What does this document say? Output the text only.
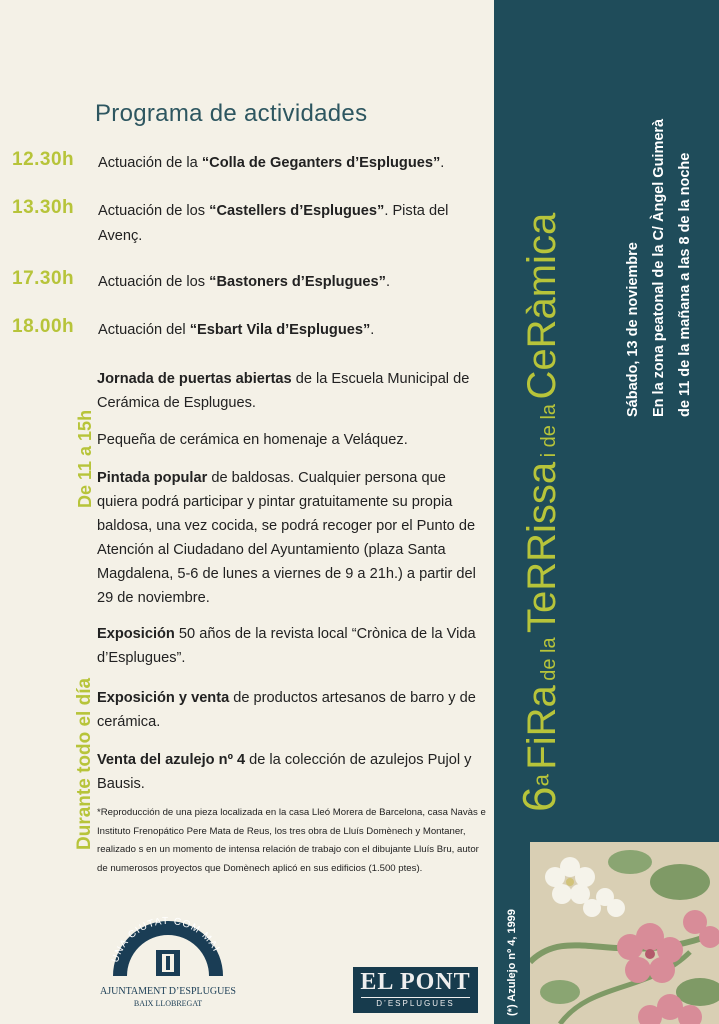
Programa de actividades
12.30h Actuación de la “Colla de Geganters d’Esplugues”.
13.30h Actuación de los “Castellers d’Esplugues”. Pista del Avenç.
17.30h Actuación de los “Bastoners d’Esplugues”.
18.00h Actuación del “Esbart Vila d’Esplugues”.
De 11 a 15h
Durante todo el día
Jornada de puertas abiertas de la Escuela Municipal de Cerámica de Esplugues.
Pequeña de cerámica en homenaje a Veláquez.
Pintada popular de baldosas. Cualquier persona que quiera podrá participar y pintar gratuitamente su propia baldosa, una vez cocida, se podrá recoger por el Punto de Atención al Ciudadano del Ayuntamiento (plaza Santa Magdalena, 5-6 de lunes a viernes de 9 a 21h.) a partir del 29 de noviembre.
Exposición 50 años de la revista local “Crònica de la Vida d’Esplugues”.
Exposición y venta de productos artesanos de barro y de cerámica.
Venta del azulejo nº 4 de la colección de azulejos Pujol y Bausis.
*Reproducción de una pieza localizada en la casa Lleó Morera de Barcelona, casa Navàs e Instituto Frenopático Pere Mata de Reus, los tres obra de Lluís Domènech y Montaner, realizado s en un momento de intensa relación de trabajo con el dibujante Lluís Bru, autor de numerosos proyectos que Domènech aplicó en sus edificios (1.500 ptes).
6$^a$ FiRa de la TeRRissa i de la CeRàmica	Sábado, 13 de noviembre En la zona peatonal de la C/ Àngel Guimerà de 11 de la mañana a las 8 de la noche
(*) Azulejo nº 4, 1999
UNA CIUTAT COM MAI
AJUNTAMENT D’ESPLUGUES
BAIX LLOBREGAT
EL PONT
D’ESPLUGUES
